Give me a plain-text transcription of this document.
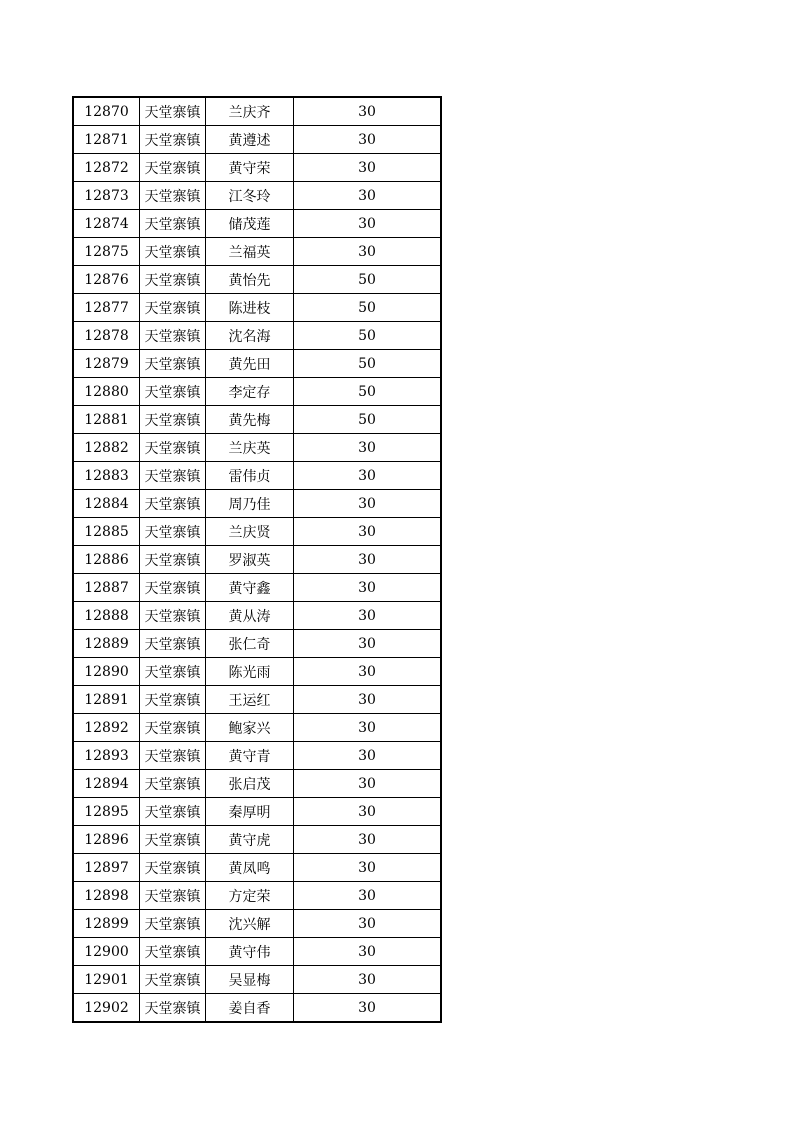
12870	天堂寨镇	兰庆齐	30
12871	天堂寨镇	黄遵述	30
12872	天堂寨镇	黄守荣	30
12873	天堂寨镇	江冬玲	30
12874	天堂寨镇	储茂莲	30
12875	天堂寨镇	兰福英	30
12876	天堂寨镇	黄怡先	50
12877	天堂寨镇	陈进枝	50
12878	天堂寨镇	沈名海	50
12879	天堂寨镇	黄先田	50
12880	天堂寨镇	李定存	50
12881	天堂寨镇	黄先梅	50
12882	天堂寨镇	兰庆英	30
12883	天堂寨镇	雷伟贞	30
12884	天堂寨镇	周乃佳	30
12885	天堂寨镇	兰庆贤	30
12886	天堂寨镇	罗淑英	30
12887	天堂寨镇	黄守鑫	30
12888	天堂寨镇	黄从涛	30
12889	天堂寨镇	张仁奇	30
12890	天堂寨镇	陈光雨	30
12891	天堂寨镇	王运红	30
12892	天堂寨镇	鲍家兴	30
12893	天堂寨镇	黄守青	30
12894	天堂寨镇	张启茂	30
12895	天堂寨镇	秦厚明	30
12896	天堂寨镇	黄守虎	30
12897	天堂寨镇	黄凤鸣	30
12898	天堂寨镇	方定荣	30
12899	天堂寨镇	沈兴解	30
12900	天堂寨镇	黄守伟	30
12901	天堂寨镇	吴显梅	30
12902	天堂寨镇	姜自香	30
